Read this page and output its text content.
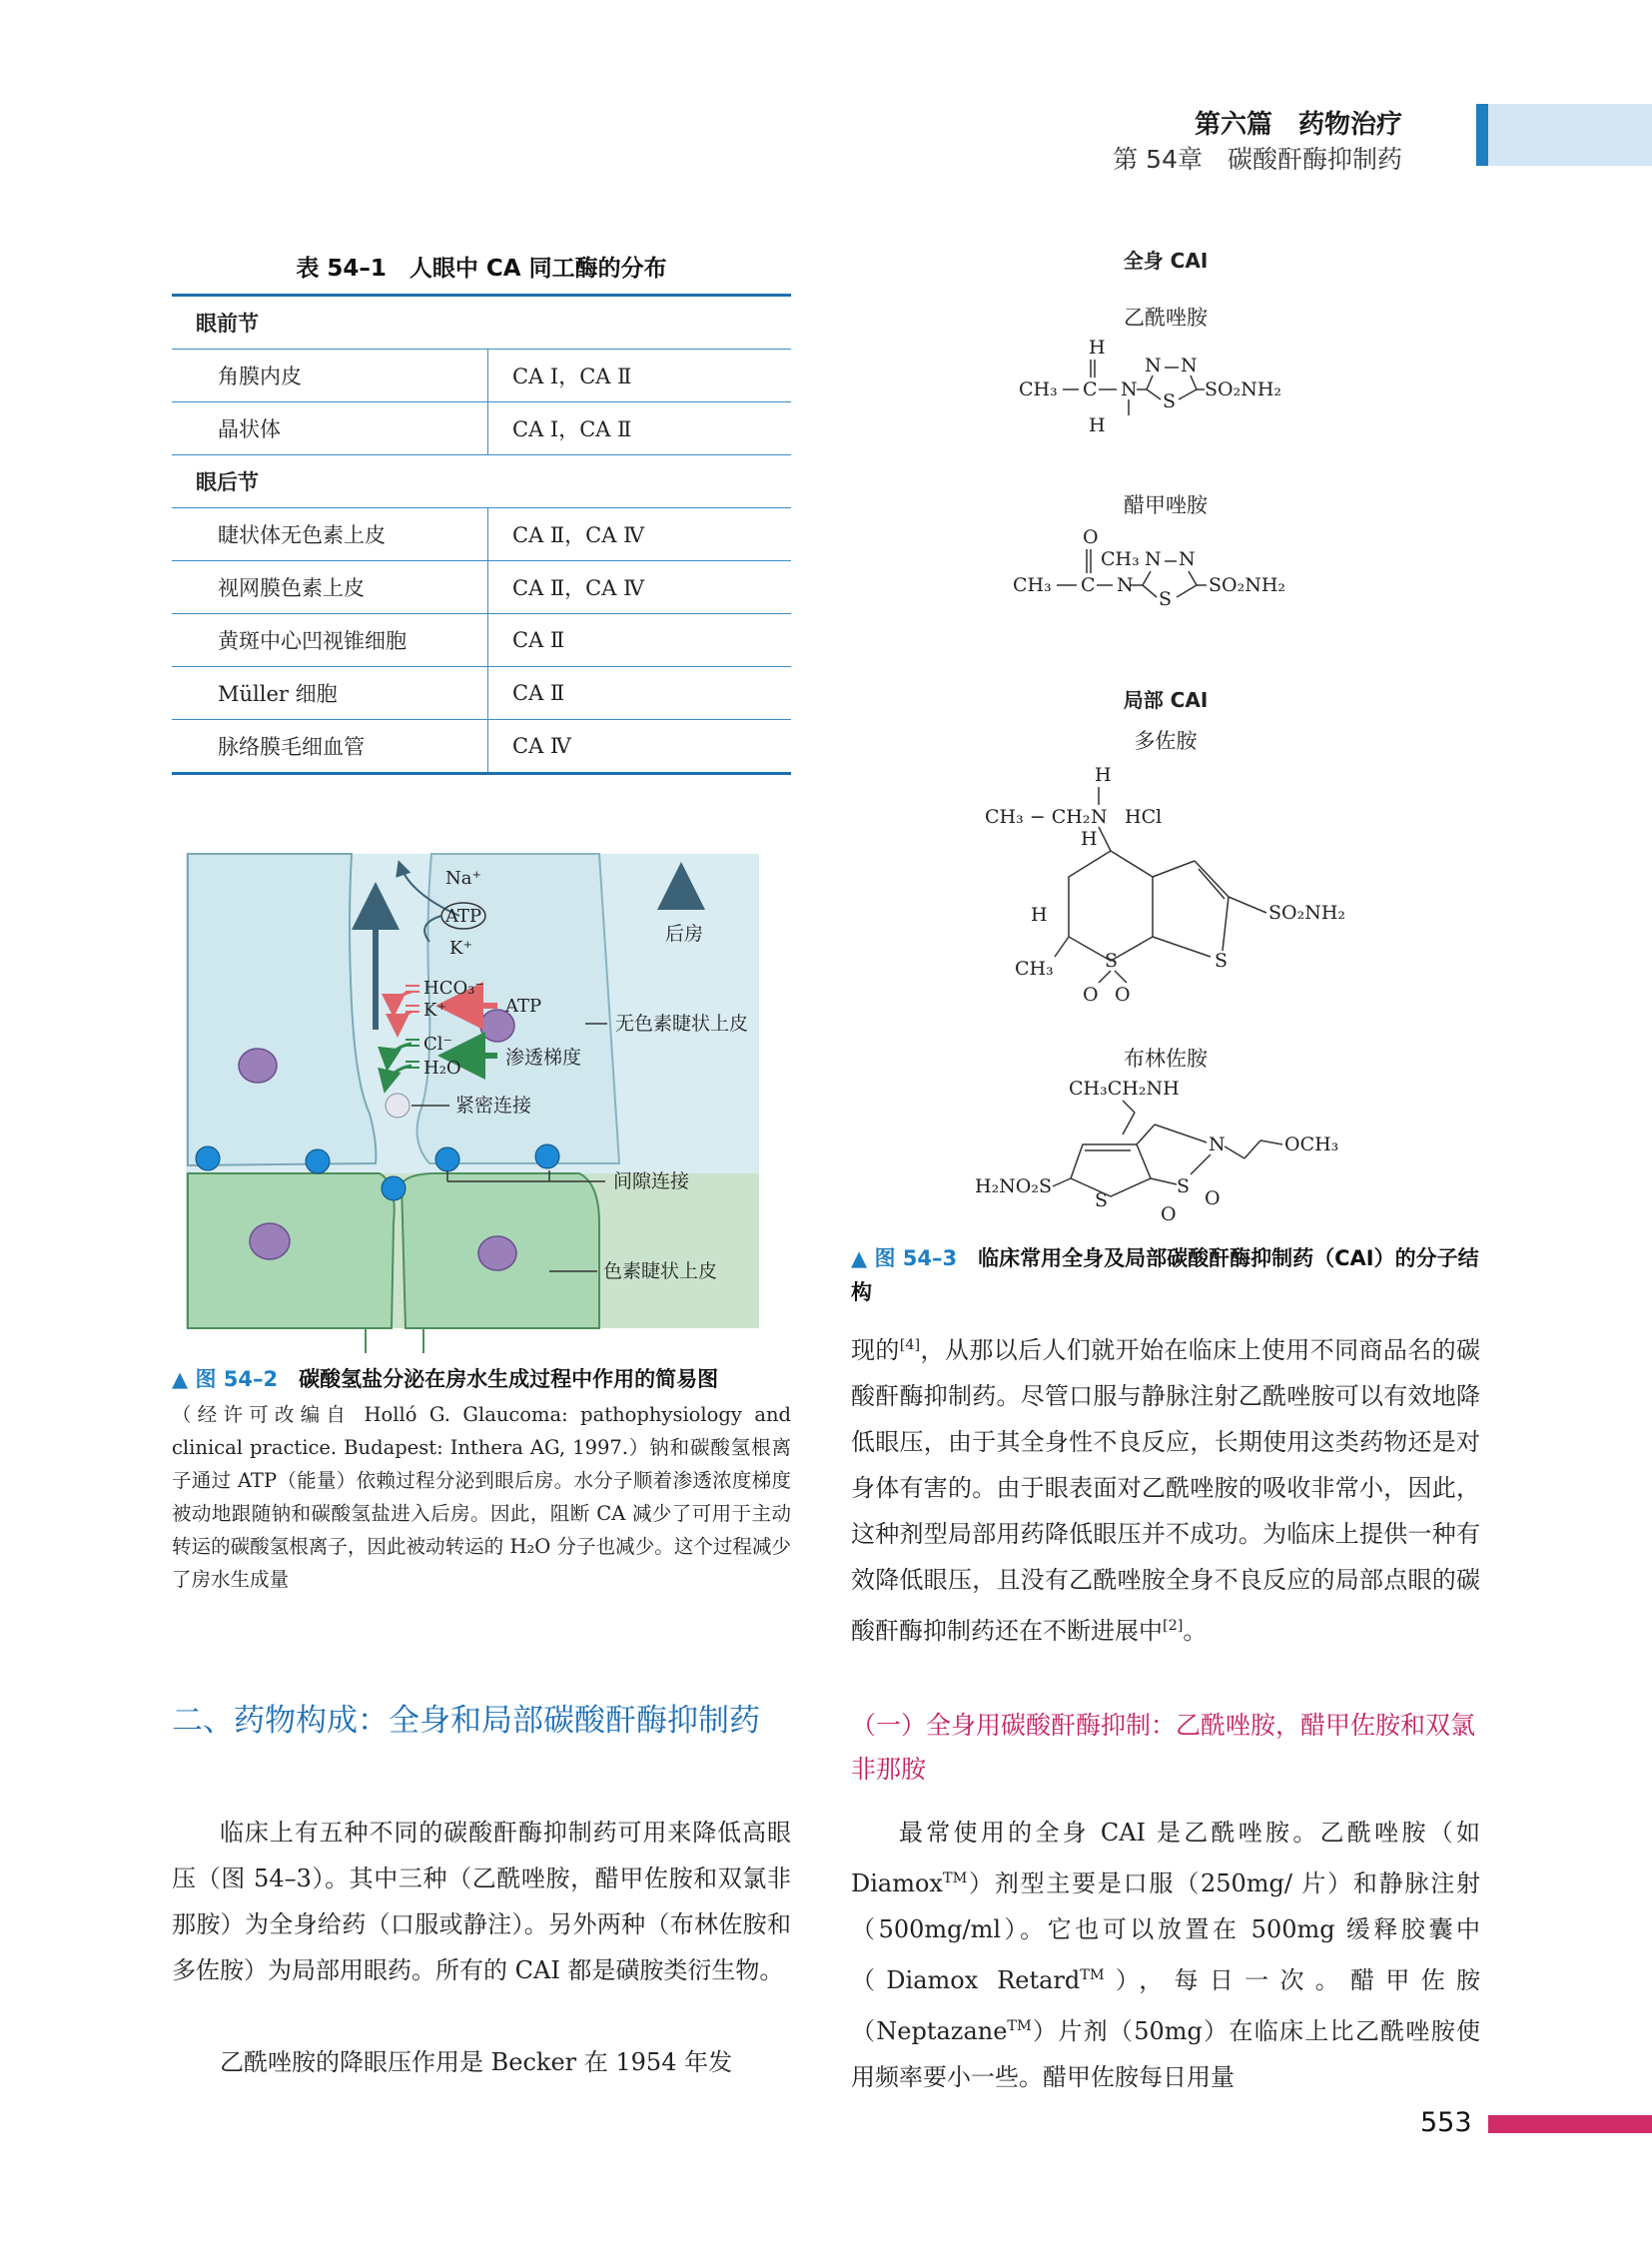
第六篇　药物治疗
第 54章　碳酸酐酶抑制药
表 54–1　人眼中 CA 同工酶的分布
眼前节	
角膜内皮	CA Ⅰ，CA Ⅱ
晶状体	CA Ⅰ，CA Ⅱ
眼后节	
睫状体无色素上皮	CA Ⅱ，CA Ⅳ
视网膜色素上皮	CA Ⅱ，CA Ⅳ
黄斑中心凹视锥细胞	CA Ⅱ
Müller 细胞	CA Ⅱ
脉络膜毛细血管	CA Ⅳ
Na⁺
ATP
K⁺
HCO₃⁻
K⁺
Cl⁻
H₂O
ATP
渗透梯度
后房
无色素睫状上皮
紧密连接
间隙连接
色素睫状上皮
▲ 图 54–2　 碳酸氢盐分泌在房水生成过程中作用的简易图
（经许可改编自 Holló G. Glaucoma: pathophysiology and clinical practice. Budapest: Inthera AG, 1997.）钠和碳酸氢根离子通过 ATP（能量）依赖过程分泌到眼后房。水分子顺着渗透浓度梯度被动地跟随钠和碳酸氢盐进入后房。因此，阻断 CA 减少了可用于主动转运的碳酸氢根离子，因此被动转运的 H₂O 分子也减少。这个过程减少了房水生成量
二、药物构成：全身和局部碳酸酐酶抑制药

临床上有五种不同的碳酸酐酶抑制药可用来降低高眼压（图 54–3）。其中三种（乙酰唑胺，醋甲佐胺和双氯非那胺）为全身给药（口服或静注）。另外两种（布林佐胺和多佐胺）为局部用眼药。所有的 CAI 都是磺胺类衍生物。

乙酰唑胺的降眼压作用是 Becker 在 1954 年发

全身 CAI
乙酰唑胺
H
H
CH₃ C N
N N
S
SO₂NH₂
醋甲唑胺
O
CH₃ C N
CH₃ N N
S
SO₂NH₂
局部 CAI
多佐胺
H
CH₃ − CH₂ N HCl
H
H
CH₃	S
O O
S
SO₂NH₂
布林佐胺
CH₃CH₂NH
N	OCH₃
H₂NO₂S
S
S
O
O
▲ 图 54–3　 临床常用全身及局部碳酸酐酶抑制药（CAI）的分子结构
现的[4]，从那以后人们就开始在临床上使用不同商品名的碳酸酐酶抑制药。尽管口服与静脉注射乙酰唑胺可以有效地降低眼压，由于其全身性不良反应，长期使用这类药物还是对身体有害的。由于眼表面对乙酰唑胺的吸收非常小，因此，这种剂型局部用药降低眼压并不成功。为临床上提供一种有效降低眼压，且没有乙酰唑胺全身不良反应的局部点眼的碳酸酐酶抑制药还在不断进展中[2]。
（一）全身用碳酸酐酶抑制：乙酰唑胺，醋甲佐胺和双氯非那胺

最常使用的全身 CAI 是乙酰唑胺。乙酰唑胺（如 Diamox™）剂型主要是口服（250mg/ 片）和静脉注射（500mg/ml）。它也可以放置在 500mg 缓释胶囊中（Diamox Retard™），每日一次。醋甲佐胺（Neptazane™）片剂（50mg）在临床上比乙酰唑胺使用频率要小一些。醋甲佐胺每日用量

553
